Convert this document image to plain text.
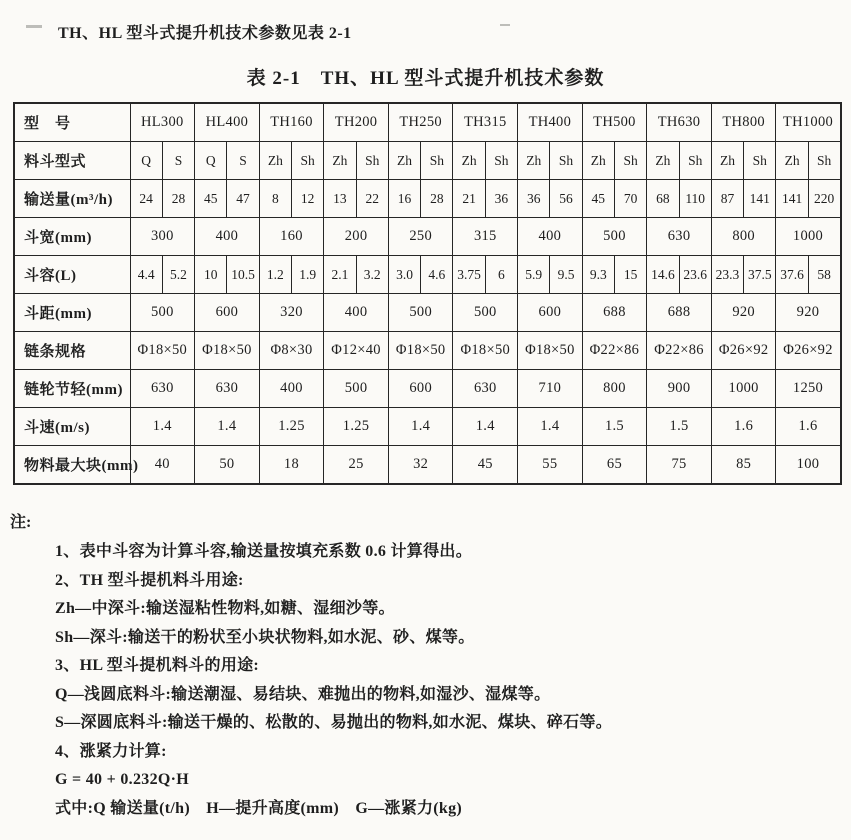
TH、HL 型斗式提升机技术参数见表 2-1

表 2-1　TH、HL 型斗式提升机技术参数
型　号	HL300		HL400		TH160		TH200		TH250		TH315		TH400		TH500		TH630		TH800		TH1000	
料斗型式	Q	S	Q	S	Zh	Sh	Zh	Sh	Zh	Sh	Zh	Sh	Zh	Sh	Zh	Sh	Zh	Sh	Zh	Sh	Zh	Sh
输送量(m³/h)	24	28	45	47	8	12	13	22	16	28	21	36	36	56	45	70	68	110	87	141	141	220
斗宽(mm)	300		400		160		200		250		315		400		500		630		800		1000	
斗容(L)	4.4	5.2	10	10.5	1.2	1.9	2.1	3.2	3.0	4.6	3.75	6	5.9	9.5	9.3	15	14.6	23.6	23.3	37.5	37.6	58
斗距(mm)	500		600		320		400		500		500		600		688		688		920		920	
链条规格	Φ18×50		Φ18×50		Φ8×30		Φ12×40		Φ18×50		Φ18×50		Φ18×50		Φ22×86		Φ22×86		Φ26×92		Φ26×92	
链轮节轻(mm)	630		630		400		500		600		630		710		800		900		1000		1250	
斗速(m/s)	1.4		1.4		1.25		1.25		1.4		1.4		1.4		1.5		1.5		1.6		1.6	
物料最大块(mm)	40		50		18		25		32		45		55		65		75		85		100	

注:

1、表中斗容为计算斗容,输送量按填充系数 0.6 计算得出。

2、TH 型斗提机料斗用途:

Zh—中深斗:输送湿粘性物料,如糖、湿细沙等。

Sh—深斗:输送干的粉状至小块状物料,如水泥、砂、煤等。

3、HL 型斗提机料斗的用途:

Q—浅圆底料斗:输送潮湿、易结块、难抛出的物料,如湿沙、湿煤等。

S—深圆底料斗:输送干燥的、松散的、易抛出的物料,如水泥、煤块、碎石等。

4、涨紧力计算:

G = 40 + 0.232Q·H

式中:Q 输送量(t/h)　H—提升高度(mm)　G—涨紧力(kg)
